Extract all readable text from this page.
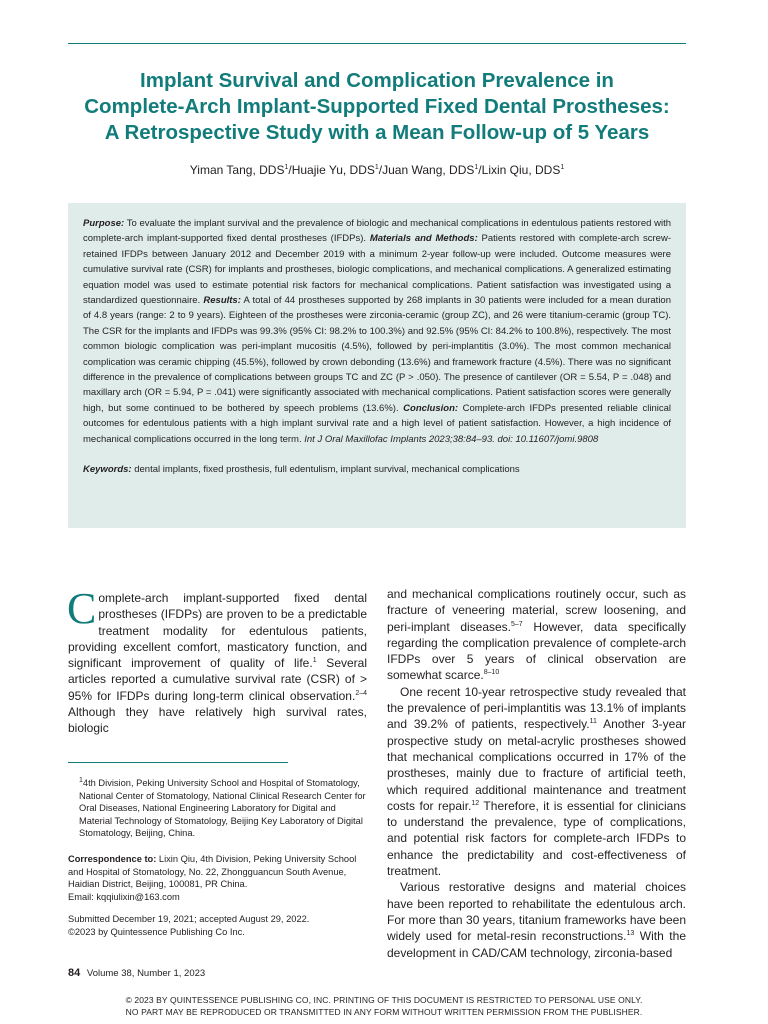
Implant Survival and Complication Prevalence in
Complete-Arch Implant-Supported Fixed Dental Prostheses:
A Retrospective Study with a Mean Follow-up of 5 Years
Yiman Tang, DDS$^1$/Huajie Yu, DDS$^1$/Juan Wang, DDS$^1$/Lixin Qiu, DDS$^1$

Purpose: To evaluate the implant survival and the prevalence of biologic and mechanical complications in edentulous patients restored with complete-arch implant-supported fixed dental prostheses (IFDPs). Materials and Methods: Patients restored with complete-arch screw-retained IFDPs between January 2012 and December 2019 with a minimum 2-year follow-up were included. Outcome measures were cumulative survival rate (CSR) for implants and prostheses, biologic complications, and mechanical complications. A generalized estimating equation model was used to estimate potential risk factors for mechanical complications. Patient satisfaction was investigated using a standardized questionnaire. Results: A total of 44 prostheses supported by 268 implants in 30 patients were included for a mean duration of 4.8 years (range: 2 to 9 years). Eighteen of the prostheses were zirconia-ceramic (group ZC), and 26 were titanium-ceramic (group TC). The CSR for the implants and IFDPs was 99.3% (95% CI: 98.2% to 100.3%) and 92.5% (95% CI: 84.2% to 100.8%), respectively. The most common biologic complication was peri-implant mucositis (4.5%), followed by peri-implantitis (3.0%). The most common mechanical complication was ceramic chipping (45.5%), followed by crown debonding (13.6%) and framework fracture (4.5%). There was no significant difference in the prevalence of complications between groups TC and ZC (P > .050). The presence of cantilever (OR = 5.54, P = .048) and maxillary arch (OR = 5.94, P = .041) were significantly associated with mechanical complications. Patient satisfaction scores were generally high, but some continued to be bothered by speech problems (13.6%). Conclusion: Complete-arch IFDPs presented reliable clinical outcomes for edentulous patients with a high implant survival rate and a high level of patient satisfaction. However, a high incidence of mechanical complications occurred in the long term. Int J Oral Maxillofac Implants 2023;38:84–93. doi: 10.11607/jomi.9808

Keywords: dental implants, fixed prosthesis, full edentulism, implant survival, mechanical complications

Complete-arch implant-supported fixed dental prostheses (IFDPs) are proven to be a predictable treatment modality for edentulous patients, providing excellent comfort, masticatory function, and significant improvement of quality of life.$^1$ Several articles reported a cumulative survival rate (CSR) of > 95% for IFDPs during long-term clinical observation.$^{2-4}$ Although they have relatively high survival rates, biologic

and mechanical complications routinely occur, such as fracture of veneering material, screw loosening, and peri-implant diseases.$^{5-7}$ However, data specifically regarding the complication prevalence of complete-arch IFDPs over 5 years of clinical observation are somewhat scarce.$^{8-10}$

One recent 10-year retrospective study revealed that the prevalence of peri-implantitis was 13.1% of implants and 39.2% of patients, respectively.$^{11}$ Another 3-year prospective study on metal-acrylic prostheses showed that mechanical complications occurred in 17% of the prostheses, mainly due to fracture of artificial teeth, which required additional maintenance and treatment costs for repair.$^{12}$ Therefore, it is essential for clinicians to understand the prevalence, type of complications, and potential risk factors for complete-arch IFDPs to enhance the predictability and cost-effectiveness of treatment.

Various restorative designs and material choices have been reported to rehabilitate the edentulous arch. For more than 30 years, titanium frameworks have been widely used for metal-resin reconstructions.$^{13}$ With the development in CAD/CAM technology, zirconia-based

$^1$4th Division, Peking University School and Hospital of Stomatology, National Center of Stomatology, National Clinical Research Center for Oral Diseases, National Engineering Laboratory for Digital and Material Technology of Stomatology, Beijing Key Laboratory of Digital Stomatology, Beijing, China.

Correspondence to: Lixin Qiu, 4th Division, Peking University School and Hospital of Stomatology, No. 22, Zhongguancun South Avenue, Haidian District, Beijing, 100081, PR China.

Email: kqqiulixin@163.com

Submitted December 19, 2021; accepted August 29, 2022.

©2023 by Quintessence Publishing Co Inc.

84 Volume 38, Number 1, 2023
© 2023 BY QUINTESSENCE PUBLISHING CO, INC. PRINTING OF THIS DOCUMENT IS RESTRICTED TO PERSONAL USE ONLY.
NO PART MAY BE REPRODUCED OR TRANSMITTED IN ANY FORM WITHOUT WRITTEN PERMISSION FROM THE PUBLISHER.
